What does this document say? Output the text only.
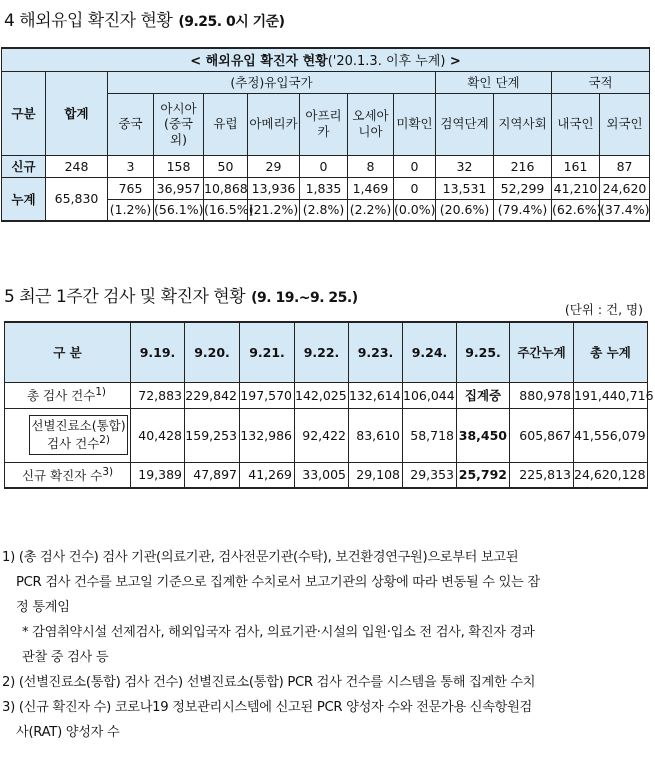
4 해외유입 확진자 현황 (9.25. 0시 기준)
< 해외유입 확진자 현황('20.1.3. 이후 누계) >												
구분	합계	(추정)유입국가							확인 단계		국적	
		중국	아시아(중국 외)	유럽	아메리카	아프리카	오세아니아	미확인	검역단계	지역사회	내국인	외국인
신규	248	3	158	50	29	0	8	0	32	216	161	87
누계	65,830	765	36,957	10,868	13,936	1,835	1,469	0	13,531	52,299	41,210	24,620
		(1.2%)	(56.1%)	(16.5%)	(21.2%)	(2.8%)	(2.2%)	(0.0%)	(20.6%)	(79.4%)	(62.6%)	(37.4%)
5 최근 1주간 검사 및 확진자 현황 (9. 19.~9. 25.)
(단위 : 건, 명)
구 분	9.19.	9.20.	9.21.	9.22.	9.23.	9.24.	9.25.	주간누계	총 누계
총 검사 건수$^{1)}$	72,883	229,842	197,570	142,025	132,614	106,044	집계중	880,978	191,440,716

선별진료소(통합)
검사 건수$^{2)}$	40,428	159,253	132,986	92,422	83,610	58,718	38,450	605,867	41,556,079
신규 확진자 수$^{3)}$	19,389	47,897	41,269	33,005	29,108	29,353	25,792	225,813	24,620,128

1) (총 검사 건수) 검사 기관(의료기관, 검사전문기관(수탁), 보건환경연구원)으로부터 보고된

PCR 검사 건수를 보고일 기준으로 집계한 수치로서 보고기관의 상황에 따라 변동될 수 있는 잠

정 통계임

* 감염취약시설 선제검사, 해외입국자 검사, 의료기관·시설의 입원·입소 전 검사, 확진자 경과

관찰 중 검사 등

2) (선별진료소(통합) 검사 건수) 선별진료소(통합) PCR 검사 건수를 시스템을 통해 집계한 수치

3) (신규 확진자 수) 코로나19 정보관리시스템에 신고된 PCR 양성자 수와 전문가용 신속항원검

사(RAT) 양성자 수
